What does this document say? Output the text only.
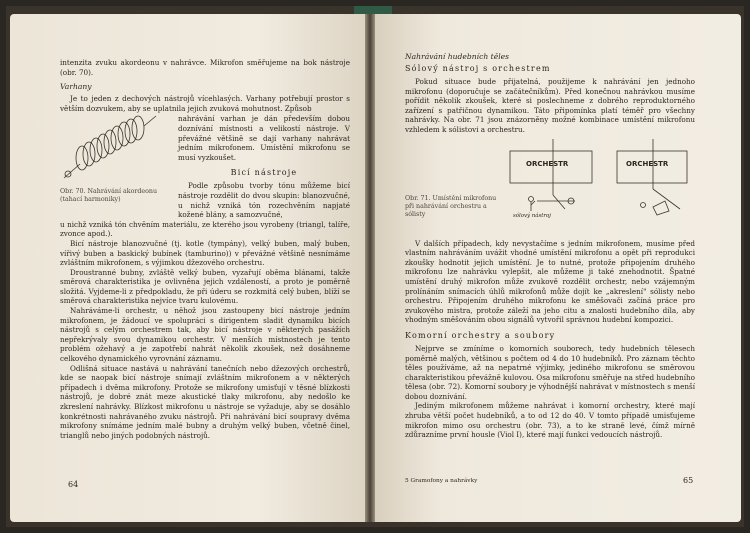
intenzita zvuku akordeonu v nahrávce. Mikrofon směřujeme na bok nástroje (obr. 70).

Varhany

Je to jeden z dechových nástrojů vícehlasých. Varhany potřebují prostor s větším dozvukem, aby se uplatnila jejich zvuková mohutnost. Způsob

Obr. 70. Nahrávání akordeonu (tahací harmoniky)

nahrávání varhan je dán především dobou doznívání místnosti a velikostí nástroje. V převážné většině se dají varhany nahrávat jedním mikrofonem. Umístění mikrofonu se musí vyzkoušet.

Bicí nástroje

Podle způsobu tvorby tónu můžeme bicí nástroje rozdělit do dvou skupin: blanozvučné, u nichž vzniká tón rozechvěním napjaté kožené blány, a samozvučné,

u nichž vzniká tón chvěním materiálu, ze kterého jsou vyrobeny (triangl, talíře, zvonce apod.).

Bicí nástroje blanozvučné (tj. kotle (tympány), velký buben, malý buben, vířivý buben a baskický bubínek (tamburino)) v převážné většině nesnímáme zvláštním mikrofonem, s výjimkou džezového orchestru.

Droustranné bubny, zvláště velký buben, vyzařují oběma blánami, takže směrová charakteristika je ovlivněna jejich vzdáleností, a proto je poměrně složitá. Vyjdeme-li z předpokladu, že při úderu se rozkmitá celý buben, blíží se směrová charakteristika nejvíce tvaru kulovému.

Nahráváme-li orchestr, u něhož jsou zastoupeny bicí nástroje jedním mikrofonem, je žádoucí ve spolupráci s dirigentem sladit dynamiku bicích nástrojů s celým orchestrem tak, aby bicí nástroje v některých pasážích nepřekrývaly svou dynamikou orchestr. V menších místnostech je tento problém ožehavý a je zapotřebí nahrát několik zkoušek, než dosáhneme celkového dynamického vyrovnání záznamu.

Odlišná situace nastává u nahrávání tanečních nebo džezových orchestrů, kde se naopak bicí nástroje snímají zvláštním mikrofonem a v některých případech i dvěma mikrofony. Protože se mikrofony umisťují v těsné blízkosti nástrojů, je dobré znát meze akustické tlaky mikrofonu, aby nedošlo ke zkreslení nahrávky. Blízkost mikrofonu u nástroje se vyžaduje, aby se dosáhlo konkrétnosti nahrávaného zvuku nástrojů. Při nahrávání bicí soupravy dvěma mikrofony snímáme jedním malé bubny a druhým velký buben, včetně činel, trianglů nebo jiných podobných nástrojů.

64
Nahrávání hudebních těles
Sólový nástroj s orchestrem

Pokud situace bude přijatelná, použijeme k nahrávání jen jednoho mikrofonu (doporučuje se začátečníkům). Před konečnou nahrávkou musíme pořídit několik zkoušek, které si poslechneme z dobrého reproduktorného zařízení s patřičnou dynamikou. Táto připomínka platí téměř pro všechny nahrávky. Na obr. 71 jsou znázorněny možné kombinace umístění mikrofonu vzhledem k sólistovi a orchestru.

ORCHESTR	ORCHESTR
sólový nástroj
Obr. 71. Umístění mikrofonu při nahrávání orchestru a sólisty

V dalších případech, kdy nevystačíme s jedním mikrofonem, musíme před vlastním nahráváním uvážit vhodné umístění mikrofonu a opět při reprodukci zkoušky hodnotit jejich umístění. Je to nutné, protože připojením druhého mikrofonu lze nahrávku vylepšit, ale můžeme ji také znehodnotit. Špatné umístění druhý mikrofon může zvukově rozdělit orchestr, nebo vzájemným prolínáním snímacích úhlů mikrofonů může dojít ke „akreslení" sólisty nebo orchestru. Připojením druhého mikrofonu ke směšovači začíná práce pro zvukového mistra, protože záleží na jeho citu a znalosti hudebního díla, aby vhodným směšováním obou signálů vytvořil správnou hudební kompozici.

Komorní orchestry a soubory

Nejprve se zmíníme o komorních souborech, tedy hudebních tělesech poměrně malých, většinou s počtem od 4 do 10 hudebníků. Pro záznam těchto těles používáme, až na nepatrné výjimky, jediného mikrofonu se směrovou charakteristikou převážně kulovou. Osa mikrofonu směřuje na střed hudebního tělesa (obr. 72). Komorní soubory je výhodnější nahrávat v místnostech s menší dobou doznívání.

Jediným mikrofonem můžeme nahrávat i komorní orchestry, které mají zhruba větší počet hudebníků, a to od 12 do 40. V tomto případě umisťujeme mikrofon mimo osu orchestru (obr. 73), a to ke straně levé, čímž mírně zdůrazníme první housle (Viol I), které mají funkci vedoucích nástrojů.

5 Gramofony a nahrávky	65
